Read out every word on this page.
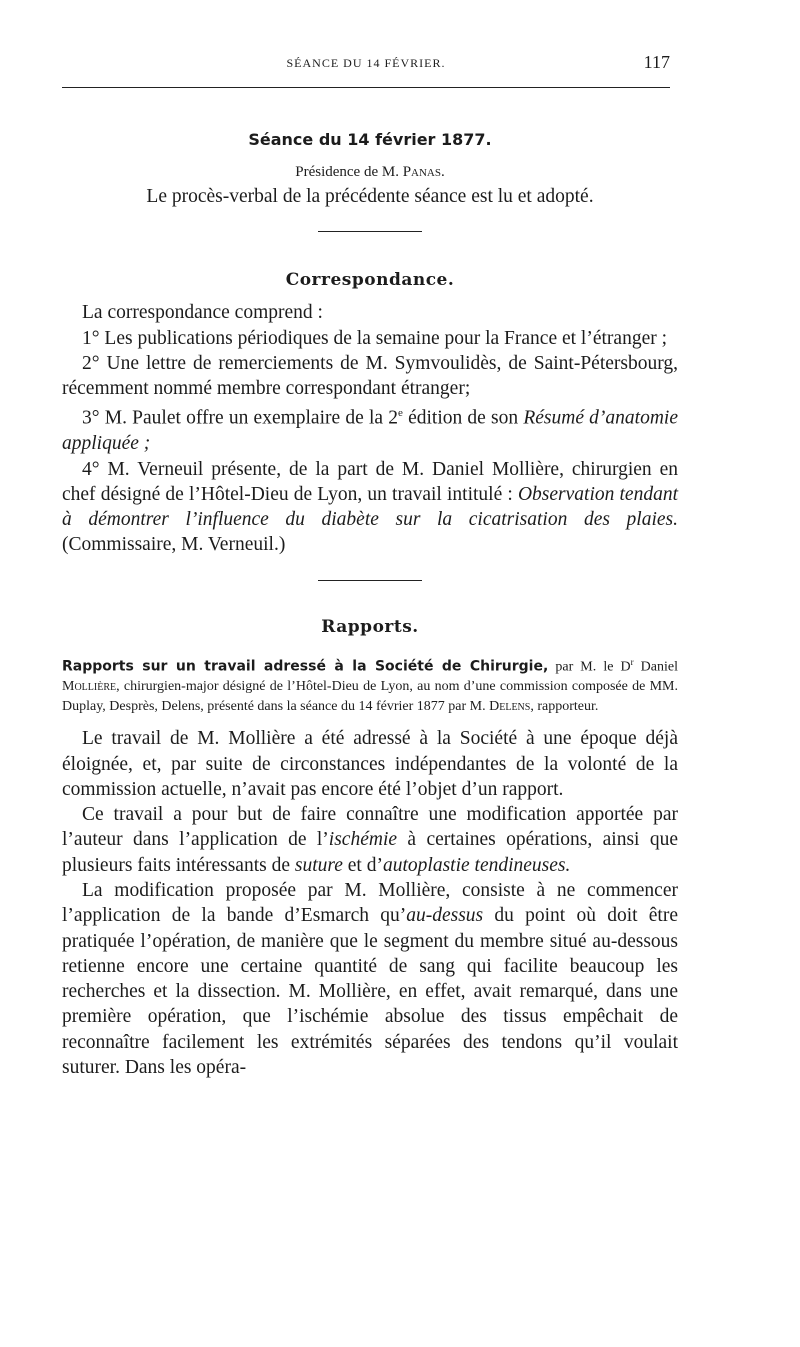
SÉANCE DU 14 FÉVRIER.	117

Séance du 14 février 1877.

Présidence de M. Panas.

Le procès-verbal de la précédente séance est lu et adopté.

Correspondance.

La correspondance comprend :

1° Les publications périodiques de la semaine pour la France et l’étranger ;

2° Une lettre de remerciements de M. Symvoulidès, de Saint-Pétersbourg, récemment nommé membre correspondant étranger;

3° M. Paulet offre un exemplaire de la 2e édition de son Résumé d’anatomie appliquée ;

4° M. Verneuil présente, de la part de M. Daniel Mollière, chirurgien en chef désigné de l’Hôtel-Dieu de Lyon, un travail intitulé : Observation tendant à démontrer l’influence du diabète sur la cicatrisation des plaies. (Commissaire, M. Verneuil.)

Rapports.

Rapports sur un travail adressé à la Société de Chirurgie, par M. le $D^r$ Daniel Mollière, chirurgien-major désigné de l’Hôtel-Dieu de Lyon, au nom d’une commission composée de MM. Duplay, Desprès, Delens, présenté dans la séance du 14 février 1877 par M. Delens, rapporteur.

Le travail de M. Mollière a été adressé à la Société à une époque déjà éloignée, et, par suite de circonstances indépendantes de la volonté de la commission actuelle, n’avait pas encore été l’objet d’un rapport.

Ce travail a pour but de faire connaître une modification apportée par l’auteur dans l’application de l’ischémie à certaines opérations, ainsi que plusieurs faits intéressants de suture et d’autoplastie tendineuses.

La modification proposée par M. Mollière, consiste à ne commencer l’application de la bande d’Esmarch qu’au-dessus du point où doit être pratiquée l’opération, de manière que le segment du membre situé au-dessous retienne encore une certaine quantité de sang qui facilite beaucoup les recherches et la dissection. M. Mollière, en effet, avait remarqué, dans une première opération, que l’ischémie absolue des tissus empêchait de reconnaître facilement les extrémités séparées des tendons qu’il voulait suturer. Dans les opéra-
